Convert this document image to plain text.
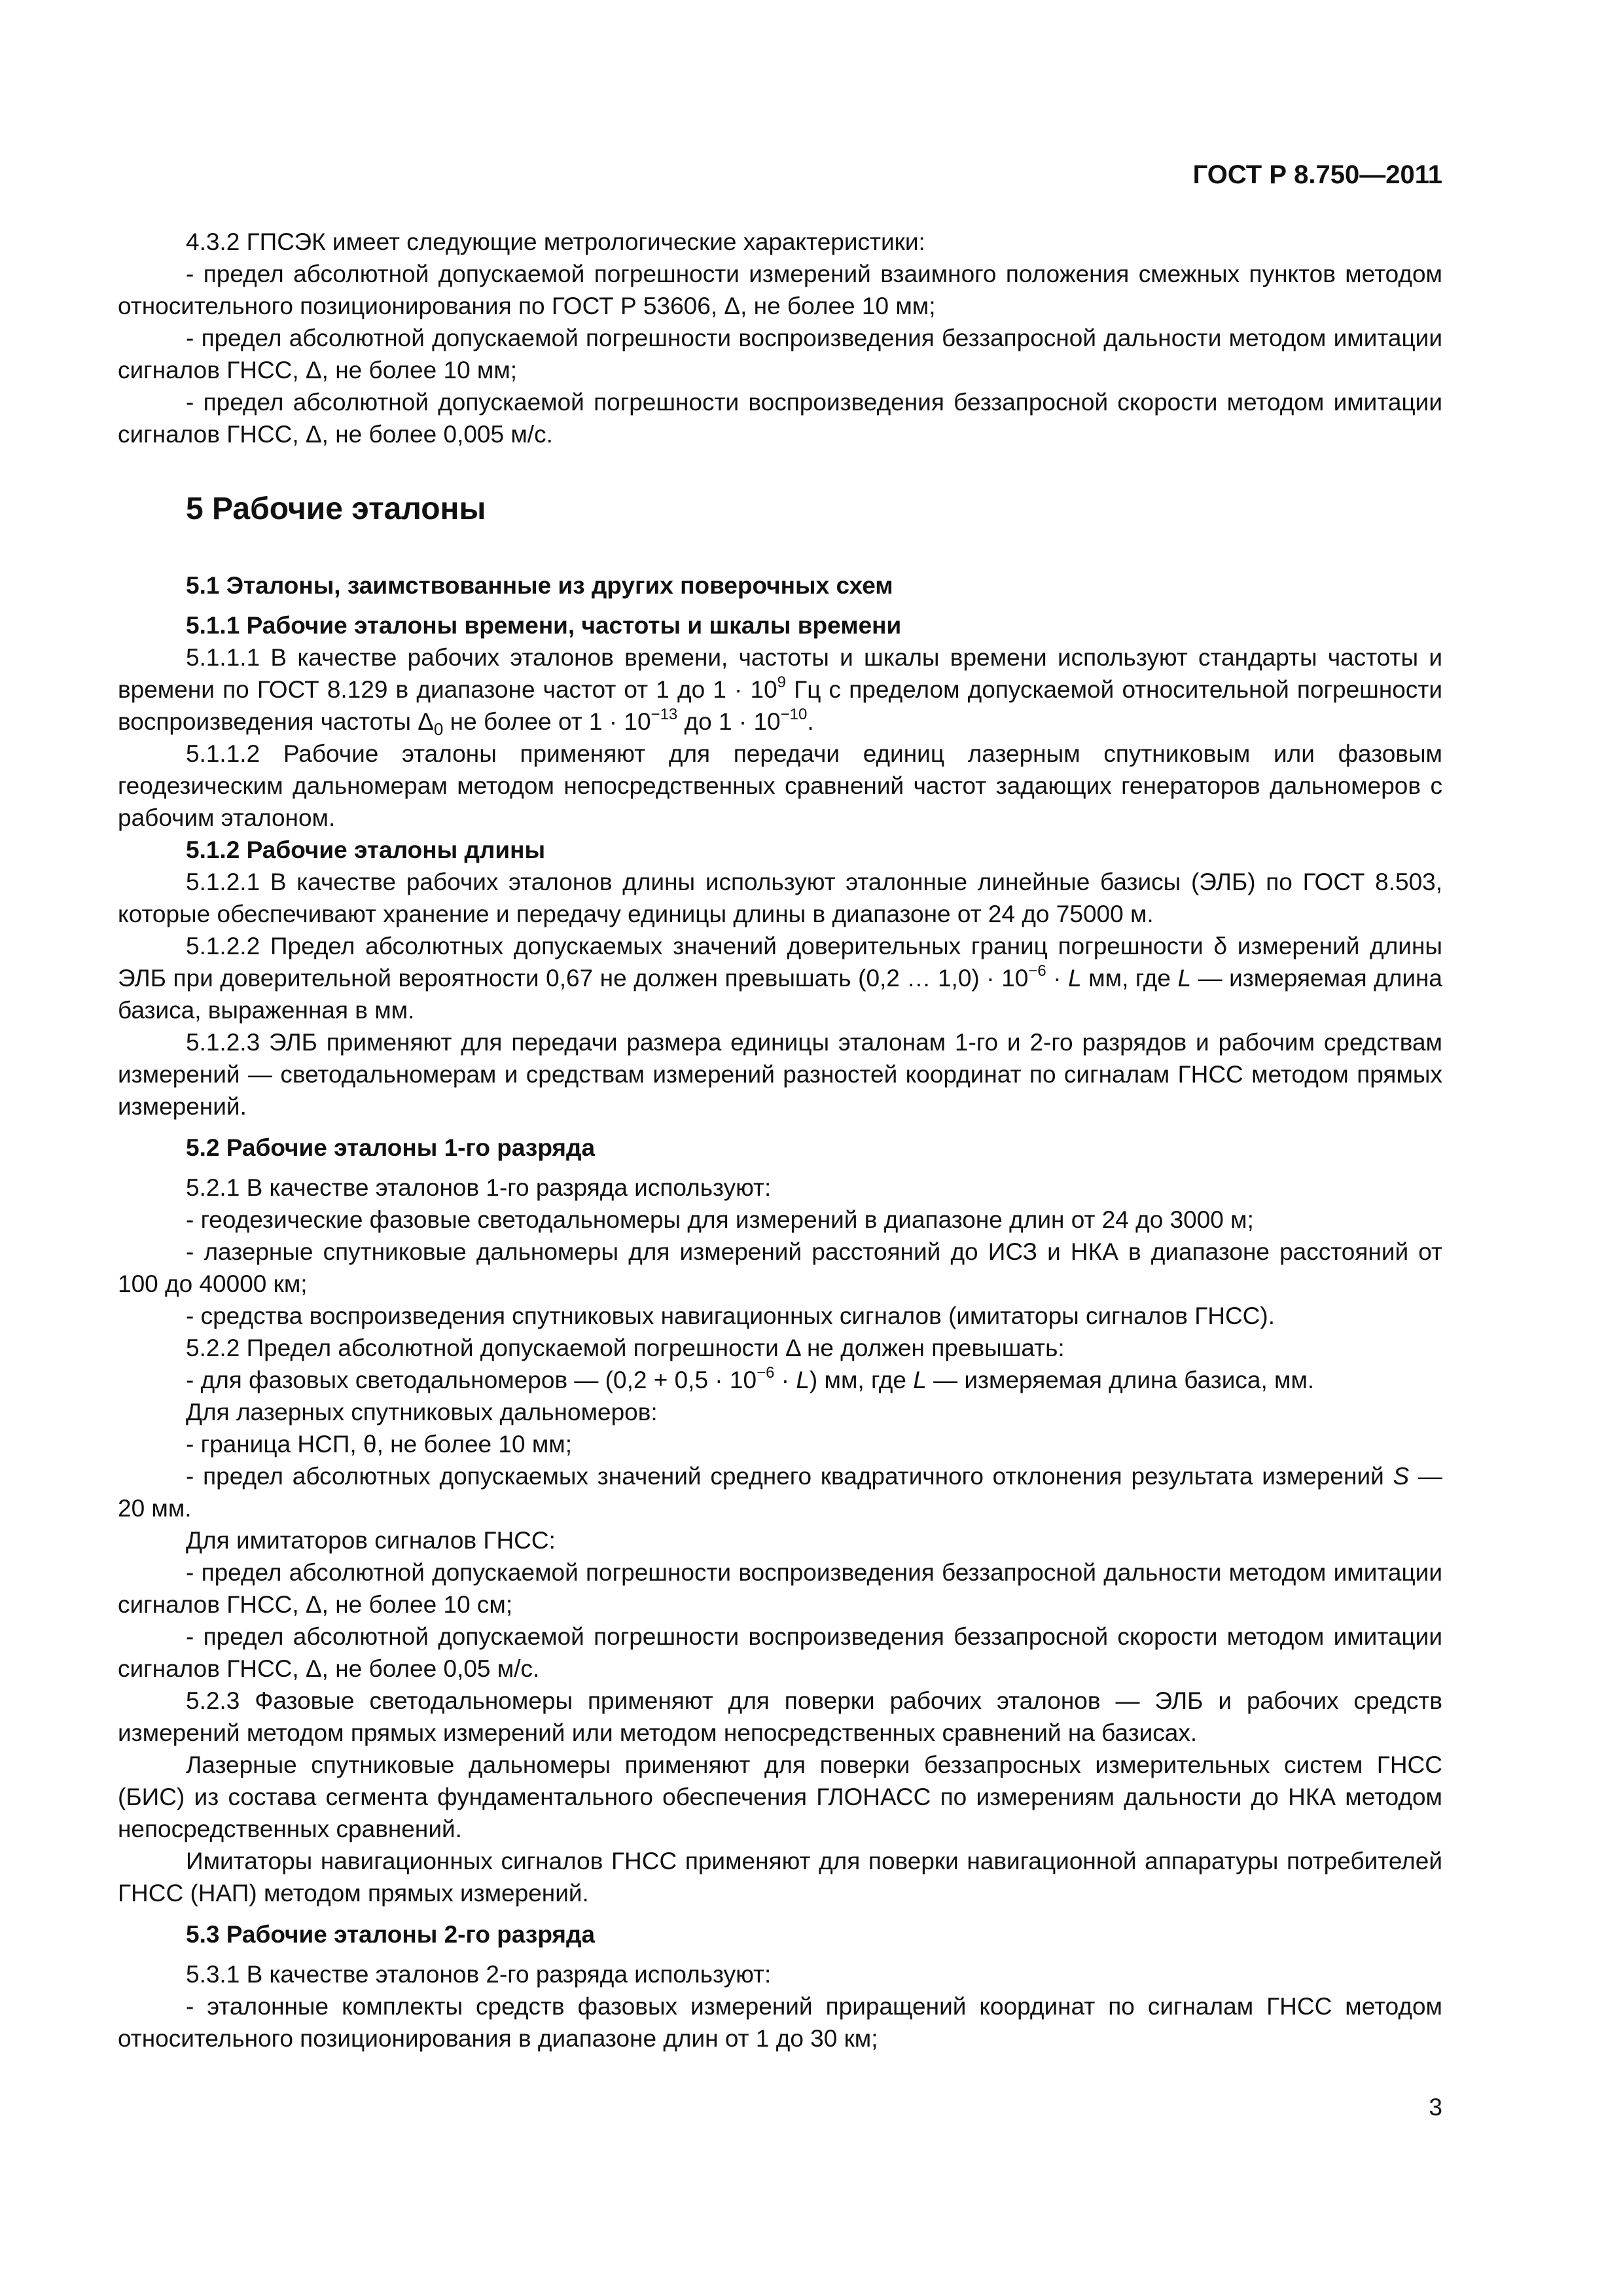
ГОСТ Р 8.750—2011

4.3.2 ГПСЭК имеет следующие метрологические характеристики:

- предел абсолютной допускаемой погрешности измерений взаимного положения смежных пунктов методом относительного позиционирования по ГОСТ Р 53606, Δ, не более 10 мм;

- предел абсолютной допускаемой погрешности воспроизведения беззапросной дальности методом имитации сигналов ГНСС, Δ, не более 10 мм;

- предел абсолютной допускаемой погрешности воспроизведения беззапросной скорости методом имитации сигналов ГНСС, Δ, не более 0,005 м/с.

5 Рабочие эталоны
5.1 Эталоны, заимствованные из других поверочных схем
5.1.1 Рабочие эталоны времени, частоты и шкалы времени

5.1.1.1 В качестве рабочих эталонов времени, частоты и шкалы времени используют стандарты частоты и времени по ГОСТ 8.129 в диапазоне частот от 1 до $1 \cdot 10^9$ Гц с пределом допускаемой относительной погрешности воспроизведения частоты $\Delta_0$ не более от $1 \cdot 10^{-13}$ до $1 \cdot 10^{-10}$.

5.1.1.2 Рабочие эталоны применяют для передачи единиц лазерным спутниковым или фазовым геодезическим дальномерам методом непосредственных сравнений частот задающих генераторов дальномеров с рабочим эталоном.

5.1.2 Рабочие эталоны длины

5.1.2.1 В качестве рабочих эталонов длины используют эталонные линейные базисы (ЭЛБ) по ГОСТ 8.503, которые обеспечивают хранение и передачу единицы длины в диапазоне от 24 до 75000 м.

5.1.2.2 Предел абсолютных допускаемых значений доверительных границ погрешности δ измерений длины ЭЛБ при доверительной вероятности 0,67 не должен превышать (0,2 … $1,0) \cdot 10^{-6} \cdot L$ мм, где L — измеряемая длина базиса, выраженная в мм.

5.1.2.3 ЭЛБ применяют для передачи размера единицы эталонам 1-го и 2-го разрядов и рабочим средствам измерений — светодальномерам и средствам измерений разностей координат по сигналам ГНСС методом прямых измерений.

5.2 Рабочие эталоны 1-го разряда

5.2.1 В качестве эталонов 1-го разряда используют:

- геодезические фазовые светодальномеры для измерений в диапазоне длин от 24 до 3000 м;

- лазерные спутниковые дальномеры для измерений расстояний до ИСЗ и НКА в диапазоне расстояний от 100 до 40000 км;

- средства воспроизведения спутниковых навигационных сигналов (имитаторы сигналов ГНСС).

5.2.2 Предел абсолютной допускаемой погрешности Δ не должен превышать:

- для фазовых светодальномеров — $(0,2 + 0,5 \cdot 10^{-6} \cdot L)$ мм, где L — измеряемая длина базиса, мм.

Для лазерных спутниковых дальномеров:

- граница НСП, θ, не более 10 мм;

- предел абсолютных допускаемых значений среднего квадратичного отклонения результата измерений S — 20 мм.

Для имитаторов сигналов ГНСС:

- предел абсолютной допускаемой погрешности воспроизведения беззапросной дальности методом имитации сигналов ГНСС, Δ, не более 10 см;

- предел абсолютной допускаемой погрешности воспроизведения беззапросной скорости методом имитации сигналов ГНСС, Δ, не более 0,05 м/с.

5.2.3 Фазовые светодальномеры применяют для поверки рабочих эталонов — ЭЛБ и рабочих средств измерений методом прямых измерений или методом непосредственных сравнений на базисах.

Лазерные спутниковые дальномеры применяют для поверки беззапросных измерительных систем ГНСС (БИС) из состава сегмента фундаментального обеспечения ГЛОНАСС по измерениям дальности до НКА методом непосредственных сравнений.

Имитаторы навигационных сигналов ГНСС применяют для поверки навигационной аппаратуры потребителей ГНСС (НАП) методом прямых измерений.

5.3 Рабочие эталоны 2-го разряда

5.3.1 В качестве эталонов 2-го разряда используют:

- эталонные комплекты средств фазовых измерений приращений координат по сигналам ГНСС методом относительного позиционирования в диапазоне длин от 1 до 30 км;

3
